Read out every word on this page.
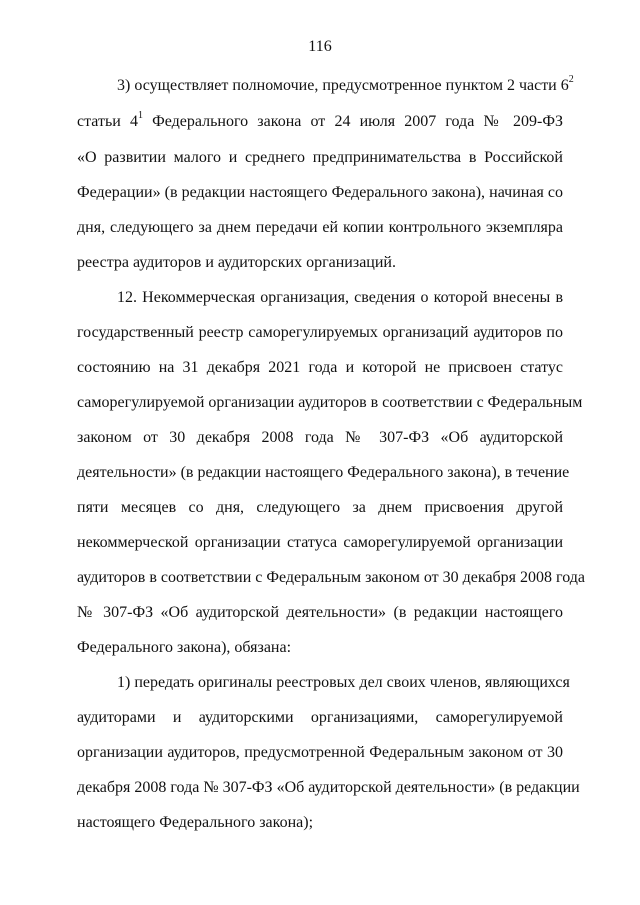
116
3) осуществляет полномочие, предусмотренное пунктом 2 части $6^2$
статьи $4^1$ Федерального закона от 24 июля 2007 года № 209-ФЗ
«О развитии малого и среднего предпринимательства в Российской
Федерации» (в редакции настоящего Федерального закона), начиная со
дня, следующего за днем передачи ей копии контрольного экземпляра
реестра аудиторов и аудиторских организаций.
12. Некоммерческая организация, сведения о которой внесены в
государственный реестр саморегулируемых организаций аудиторов по
состоянию на 31 декабря 2021 года и которой не присвоен статус
саморегулируемой организации аудиторов в соответствии с Федеральным
законом от 30 декабря 2008 года № 307-ФЗ «Об аудиторской
деятельности» (в редакции настоящего Федерального закона), в течение
пяти месяцев со дня, следующего за днем присвоения другой
некоммерческой организации статуса саморегулируемой организации
аудиторов в соответствии с Федеральным законом от 30 декабря 2008 года
№ 307-ФЗ «Об аудиторской деятельности» (в редакции настоящего
Федерального закона), обязана:
1) передать оригиналы реестровых дел своих членов, являющихся
аудиторами и аудиторскими организациями, саморегулируемой
организации аудиторов, предусмотренной Федеральным законом от 30
декабря 2008 года № 307-ФЗ «Об аудиторской деятельности» (в редакции
настоящего Федерального закона);
